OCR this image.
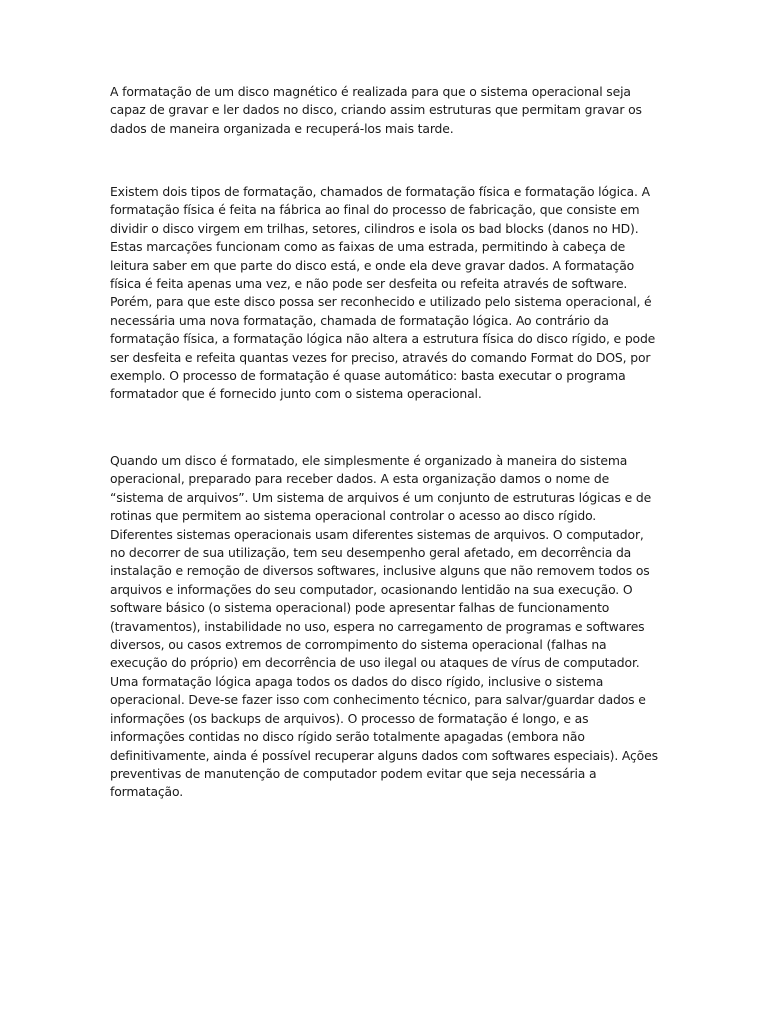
A formatação de um disco magnético é realizada para que o sistema operacional seja capaz de gravar e ler dados no disco, criando assim estruturas que permitam gravar os dados de maneira organizada e recuperá-los mais tarde.

Existem dois tipos de formatação, chamados de formatação física e formatação lógica. A formatação física é feita na fábrica ao final do processo de fabricação, que consiste em dividir o disco virgem em trilhas, setores, cilindros e isola os bad blocks (danos no HD). Estas marcações funcionam como as faixas de uma estrada, permitindo à cabeça de leitura saber em que parte do disco está, e onde ela deve gravar dados. A formatação física é feita apenas uma vez, e não pode ser desfeita ou refeita através de software. Porém, para que este disco possa ser reconhecido e utilizado pelo sistema operacional, é necessária uma nova formatação, chamada de formatação lógica. Ao contrário da formatação física, a formatação lógica não altera a estrutura física do disco rígido, e pode ser desfeita e refeita quantas vezes for preciso, através do comando Format do DOS, por exemplo. O processo de formatação é quase automático: basta executar o programa formatador que é fornecido junto com o sistema operacional.

Quando um disco é formatado, ele simplesmente é organizado à maneira do sistema operacional, preparado para receber dados. A esta organização damos o nome de “sistema de arquivos”. Um sistema de arquivos é um conjunto de estruturas lógicas e de rotinas que permitem ao sistema operacional controlar o acesso ao disco rígido. Diferentes sistemas operacionais usam diferentes sistemas de arquivos. O computador, no decorrer de sua utilização, tem seu desempenho geral afetado, em decorrência da instalação e remoção de diversos softwares, inclusive alguns que não removem todos os arquivos e informações do seu computador, ocasionando lentidão na sua execução. O software básico (o sistema operacional) pode apresentar falhas de funcionamento (travamentos), instabilidade no uso, espera no carregamento de programas e softwares diversos, ou casos extremos de corrompimento do sistema operacional (falhas na execução do próprio) em decorrência de uso ilegal ou ataques de vírus de computador. Uma formatação lógica apaga todos os dados do disco rígido, inclusive o sistema operacional. Deve-se fazer isso com conhecimento técnico, para salvar/guardar dados e informações (os backups de arquivos). O processo de formatação é longo, e as informações contidas no disco rígido serão totalmente apagadas (embora não definitivamente, ainda é possível recuperar alguns dados com softwares especiais). Ações preventivas de manutenção de computador podem evitar que seja necessária a formatação.
